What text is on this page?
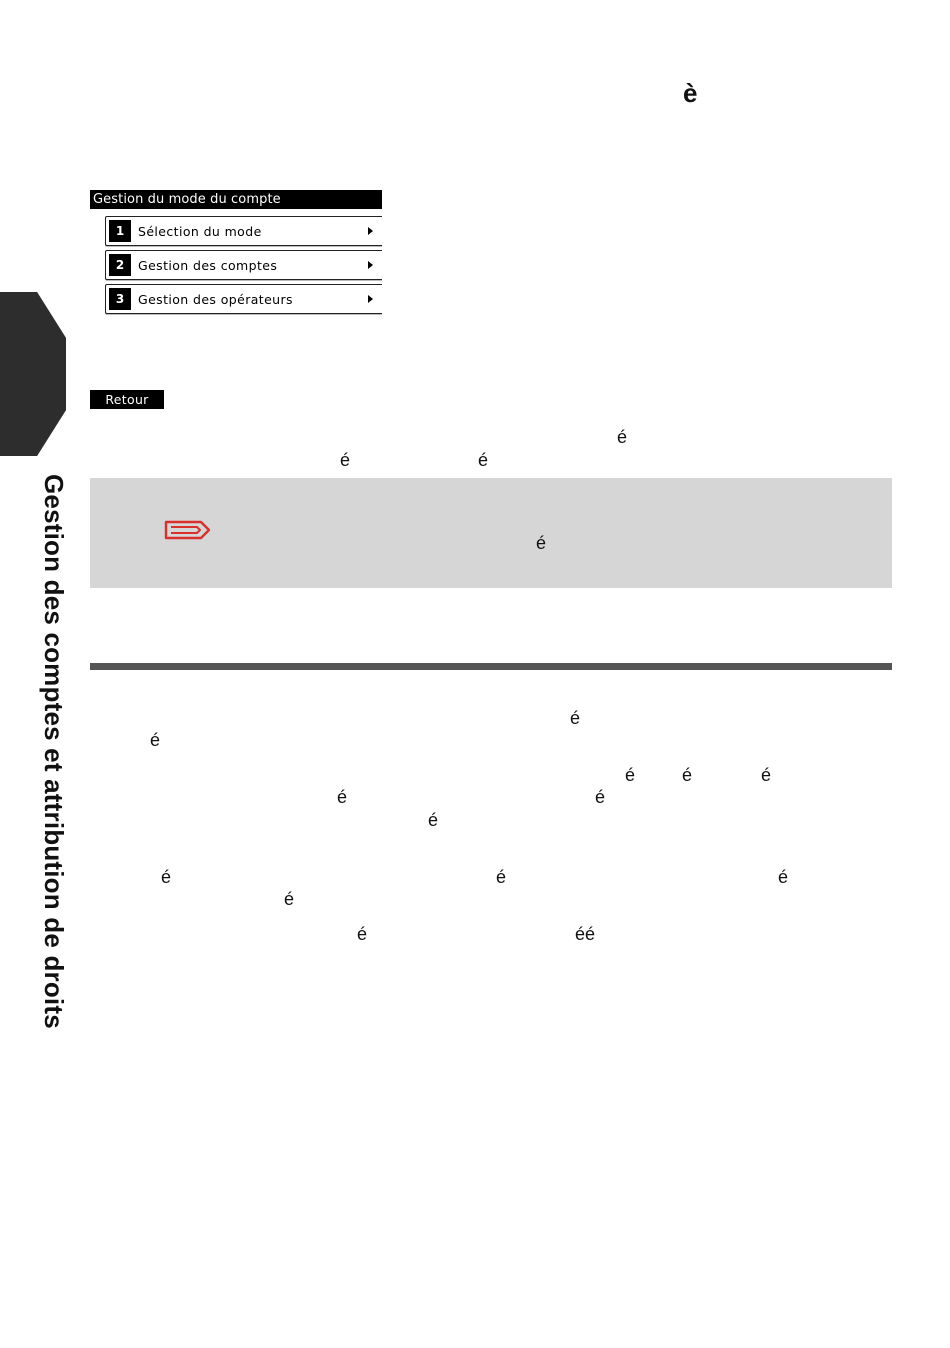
Gestion des comptes et attribution de droits
è
Gestion du mode du compte
1	Sélection du mode
2	Gestion des comptes
3	Gestion des opérateurs
Retour
é
é	é
é
é
é
é	é	é
é	é
é
é	é	é
é
é	éé
